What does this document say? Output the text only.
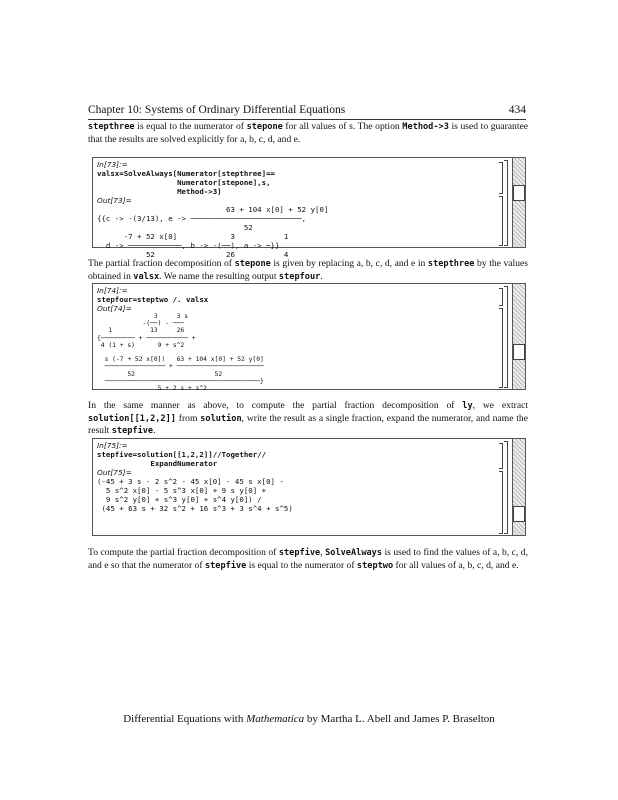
Chapter 10: Systems of Ordinary Differential Equations	434

stepthree is equal to the numerator of stepone for all values of s. The option Method->3 is used to guarantee that the results are solved explicitly for a, b, c, d, and e.

In[73]:=
valsx=SolveAlways[Numerator[stepthree]==
Numerator[stepone],s,
Method->3]
Out[73]=
63 + 104 x[0] + 52 y[0]
{{c -> -(3/13), e -> ─────────────────────────,
52
-7 + 52 x[0]            3           1
d -> ────────────, b -> -(──), a -> ─}}
52                26           4

The partial fraction decomposition of stepone is given by replacing a, b, c, d, and e in stepthree by the values obtained in valsx. We name the resulting output stepfour.

In[74]:=
stepfour=steptwo /. valsx
Out[74]=
3     3 s
-(──) - ───
1          13     26
{───────── + ─────────── +
4 (1 + s)      9 + s^2

s (-7 + 52 x[0])   63 + 104 x[0] + 52 y[0]
──────────────── + ───────────────────────
52                     52
─────────────────────────────────────────}
5 + 2 s + s^2

In the same manner as above, to compute the partial fraction decomposition of ly, we extract solution[[1,2,2]] from solution, write the result as a single fraction, expand the numerator, and name the result stepfive.

In[75]:=
stepfive=solution[[1,2,2]]//Together//
ExpandNumerator
Out[75]=
(-45 + 3 s - 2 s^2 - 45 x[0] - 45 s x[0] -
5 s^2 x[0] - 5 s^3 x[0] + 9 s y[0] +
9 s^2 y[0] + s^3 y[0] + s^4 y[0]) /
(45 + 63 s + 32 s^2 + 16 s^3 + 3 s^4 + s^5)

To compute the partial fraction decomposition of stepfive, SolveAlways is used to find the values of a, b, c, d, and e so that the numerator of stepfive is equal to the numerator of steptwo for all values of a, b, c, d, and e.

Differential Equations with Mathematica by Martha L. Abell and James P. Braselton
